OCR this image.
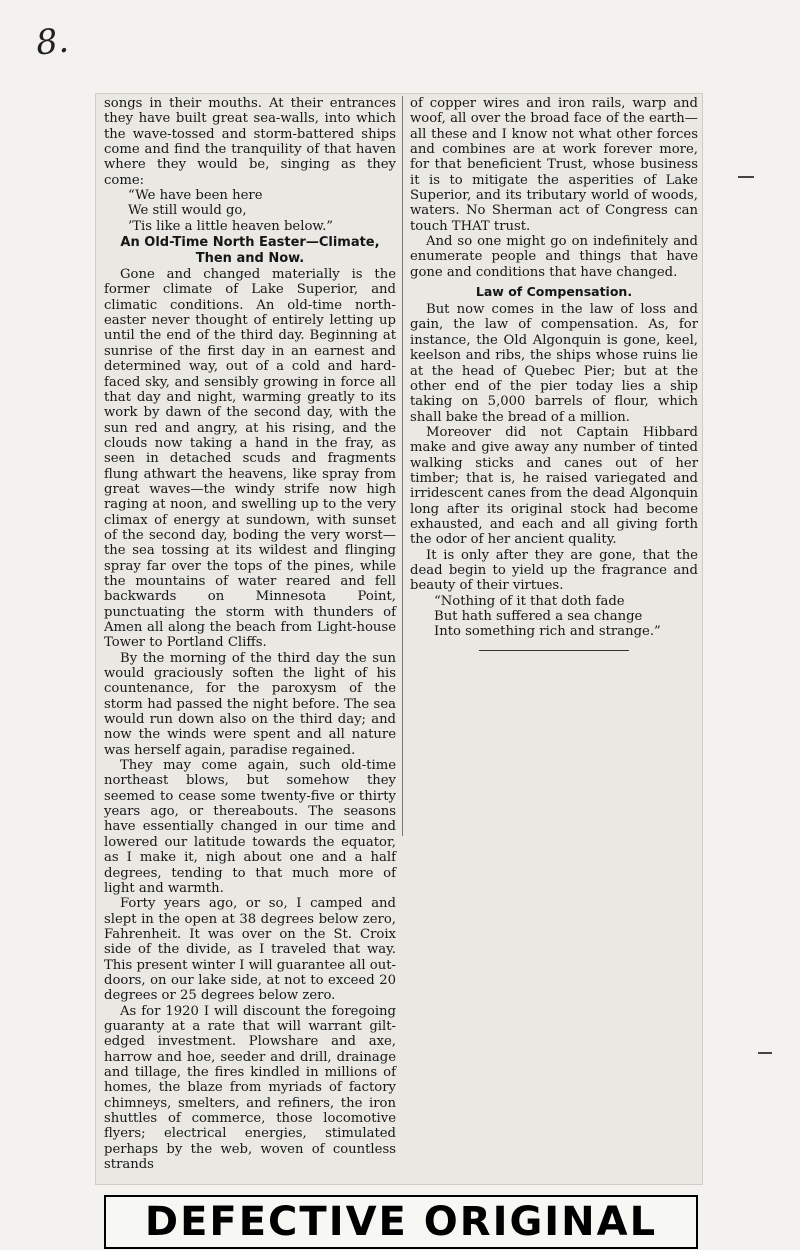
8.

songs in their mouths. At their entrances they have built great sea-walls, into which the wave-tossed and storm-battered ships come and find the tranquility of that haven where they would be, singing as they come:

“We have been here
We still would go,
’Tis like a little heaven below.”
An Old-Time North Easter—Climate,
Then and Now.

Gone and changed materially is the former climate of Lake Superior, and climatic conditions. An old-time north-easter never thought of entirely letting up until the end of the third day. Beginning at sunrise of the first day in an earnest and determined way, out of a cold and hard-faced sky, and sensibly growing in force all that day and night, warming greatly to its work by dawn of the second day, with the sun red and angry, at his rising, and the clouds now taking a hand in the fray, as seen in detached scuds and fragments flung athwart the heavens, like spray from great waves—the windy strife now high raging at noon, and swelling up to the very climax of energy at sundown, with sunset of the second day, boding the very worst—the sea tossing at its wildest and flinging spray far over the tops of the pines, while the mountains of water reared and fell backwards on Minnesota Point, punctuating the storm with thunders of Amen all along the beach from Light-house Tower to Portland Cliffs.

By the morning of the third day the sun would graciously soften the light of his countenance, for the paroxysm of the storm had passed the night before. The sea would run down also on the third day; and now the winds were spent and all nature was herself again, paradise regained.

They may come again, such old-time northeast blows, but somehow they seemed to cease some twenty-five or thirty years ago, or thereabouts. The seasons have essentially changed in our time and lowered our latitude towards the equator, as I make it, nigh about one and a half degrees, tending to that much more of light and warmth.

Forty years ago, or so, I camped and slept in the open at 38 degrees below zero, Fahrenheit. It was over on the St. Croix side of the divide, as I traveled that way. This present winter I will guarantee all out-doors, on our lake side, at not to exceed 20 degrees or 25 degrees below zero.

As for 1920 I will discount the foregoing guaranty at a rate that will warrant gilt-edged investment. Plowshare and axe, harrow and hoe, seeder and drill, drainage and tillage, the fires kindled in millions of homes, the blaze from myriads of factory chimneys, smelters, and refiners, the iron shuttles of commerce, those locomotive flyers; electrical energies, stimulated perhaps by the web, woven of countless strands

of copper wires and iron rails, warp and woof, all over the broad face of the earth—all these and I know not what other forces and combines are at work forever more, for that beneficient Trust, whose business it is to mitigate the asperities of Lake Superior, and its tributary world of woods, waters. No Sherman act of Congress can touch THAT trust.

And so one might go on indefinitely and enumerate people and things that have gone and conditions that have changed.

Law of Compensation.

But now comes in the law of loss and gain, the law of compensation. As, for instance, the Old Algonquin is gone, keel, keelson and ribs, the ships whose ruins lie at the head of Quebec Pier; but at the other end of the pier today lies a ship taking on 5,000 barrels of flour, which shall bake the bread of a million.

Moreover did not Captain Hibbard make and give away any number of tinted walking sticks and canes out of her timber; that is, he raised variegated and irridescent canes from the dead Algonquin long after its original stock had become exhausted, and each and all giving forth the odor of her ancient quality.

It is only after they are gone, that the dead begin to yield up the fragrance and beauty of their virtues.

“Nothing of it that doth fade
But hath suffered a sea change
Into something rich and strange.”
DEFECTIVE ORIGINAL
